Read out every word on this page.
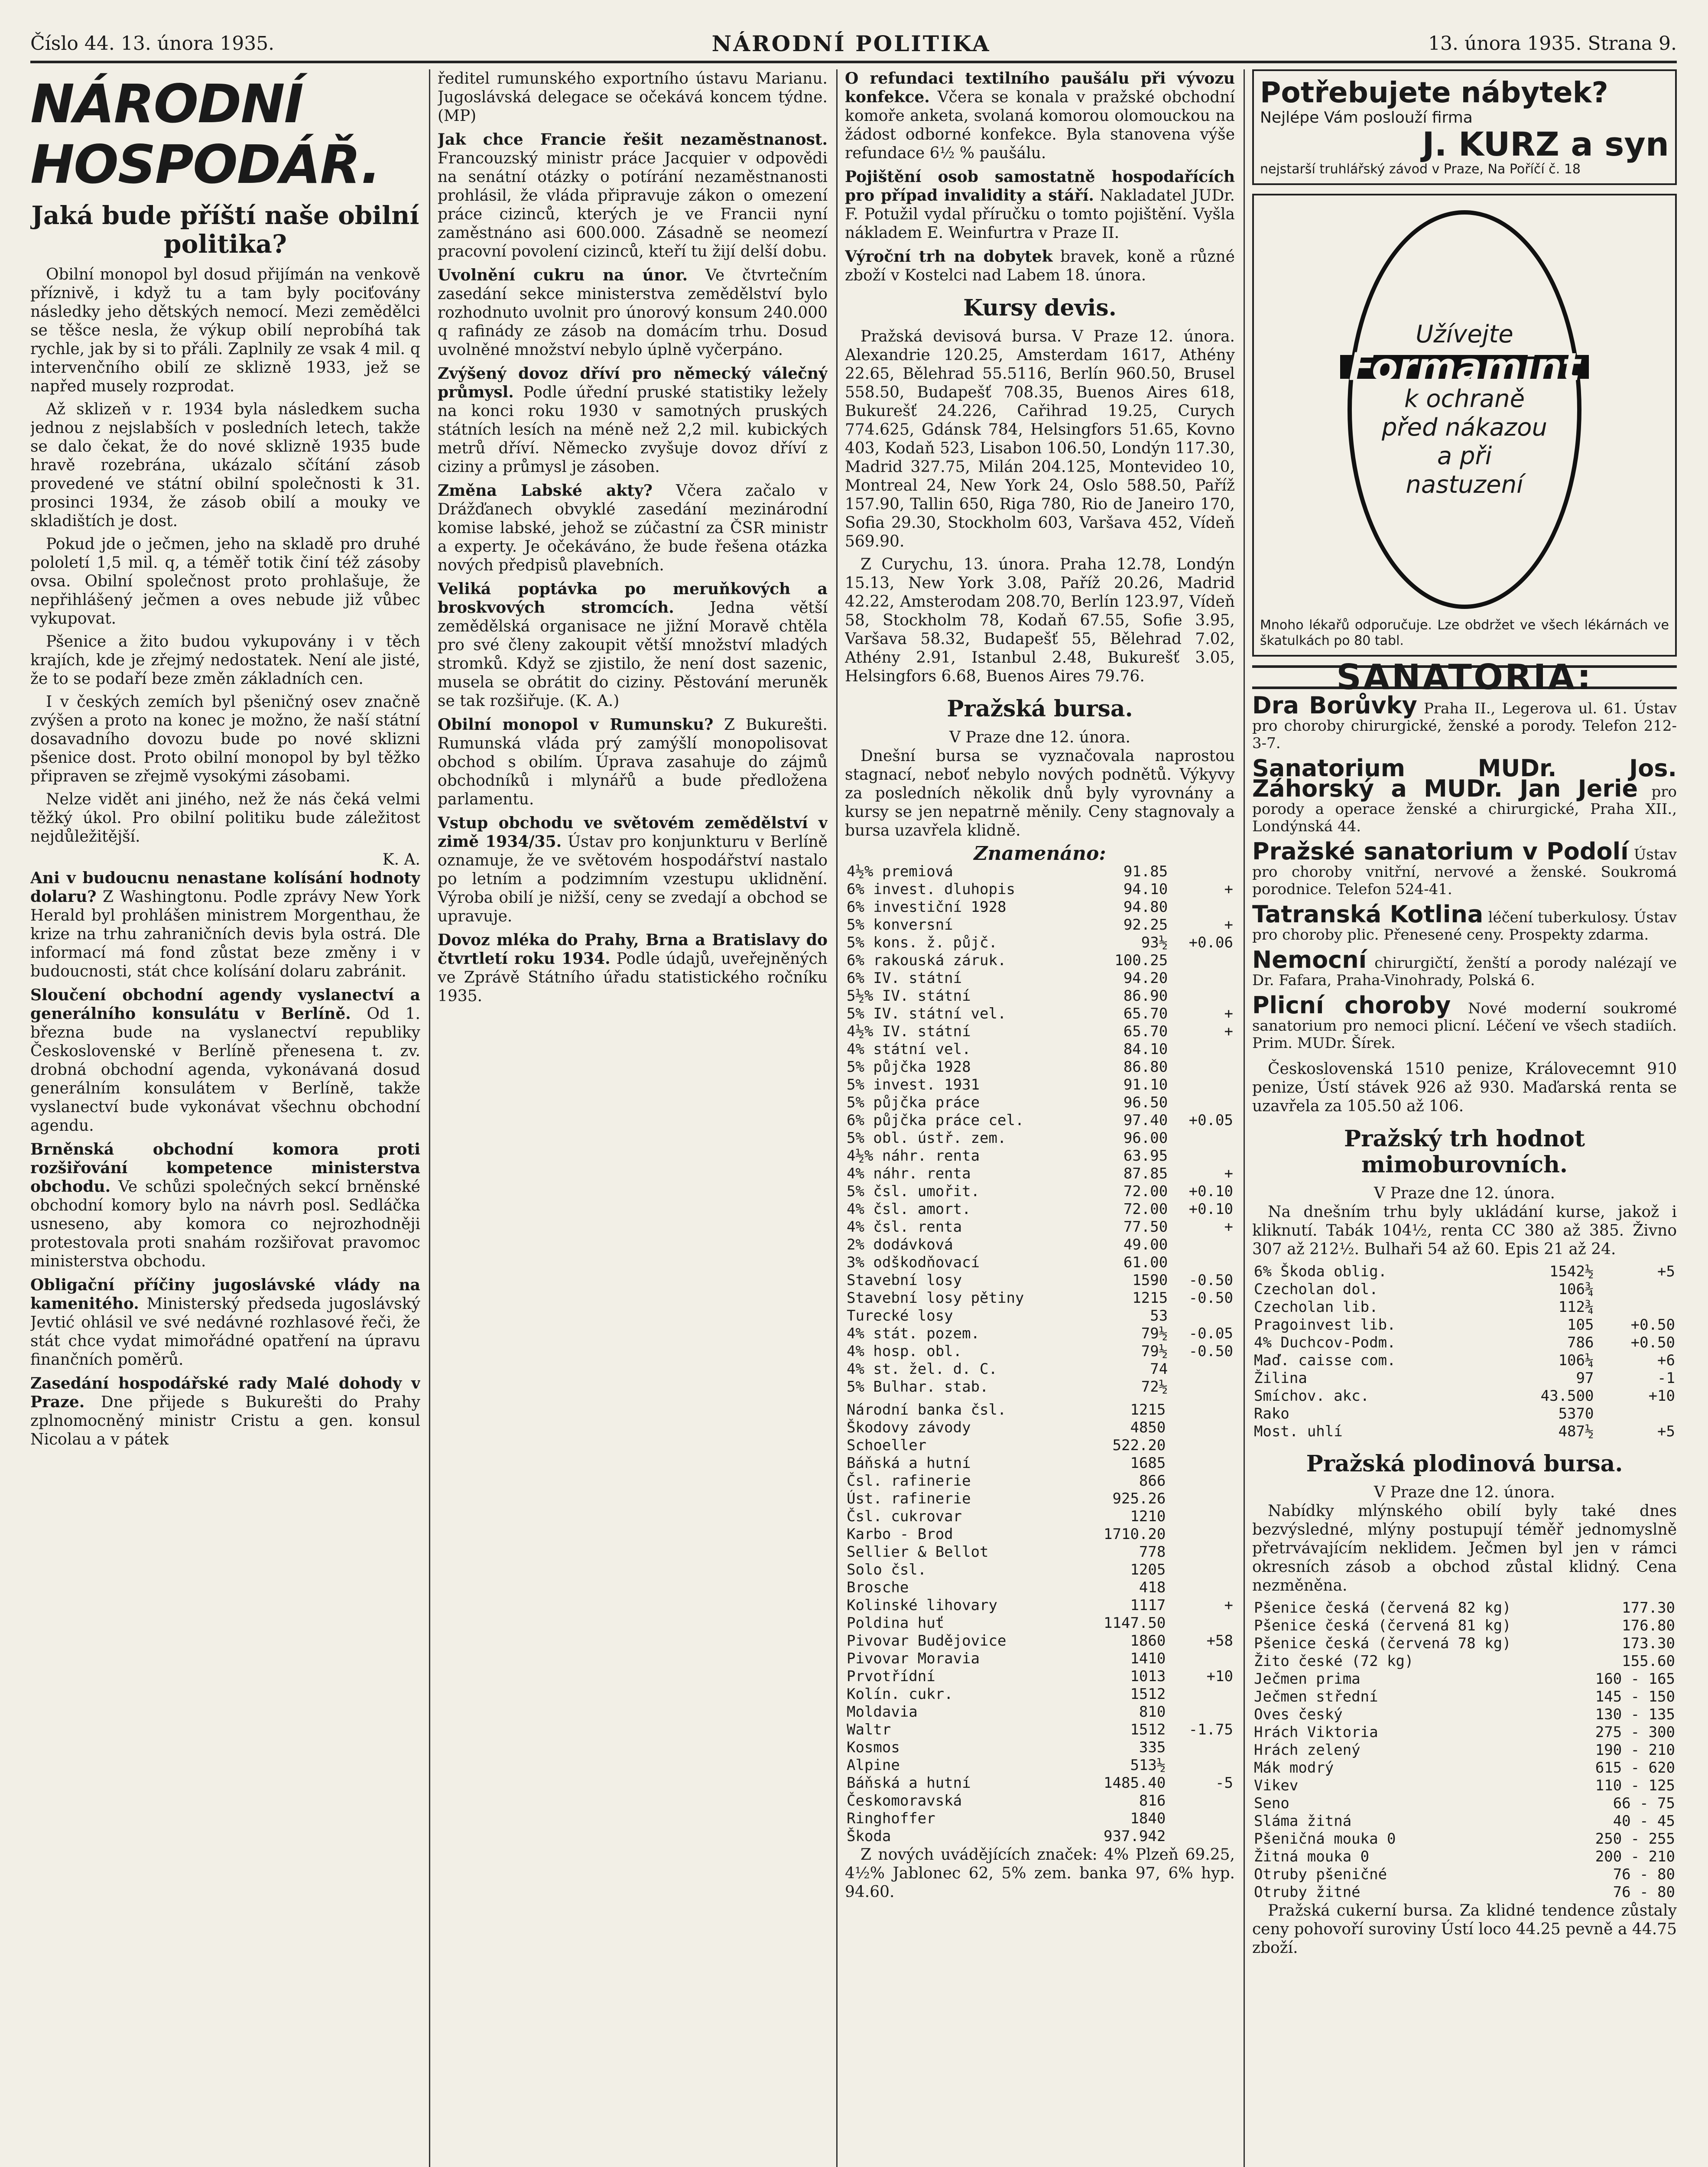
Číslo 44. 13. února 1935.	NÁRODNÍ POLITIKA	13. února 1935. Strana 9.
NÁRODNÍ HOSPODÁŘ.
Jaká bude příští naše obilní politika?

Obilní monopol byl dosud přijímán na venkově příznivě, i když tu a tam byly pociťovány následky jeho dětských nemocí. Mezi zemědělci se těšce nesla, že výkup obilí neprobíhá tak rychle, jak by si to přáli. Zaplnily ze vsak 4 mil. q intervenčního obilí ze sklizně 1933, jež se napřed musely rozprodat.

Až sklizeň v r. 1934 byla následkem sucha jednou z nejslabších v posledních letech, takže se dalo čekat, že do nové sklizně 1935 bude hravě rozebrána, ukázalo sčítání zásob provedené ve státní obilní společnosti k 31. prosinci 1934, že zásob obilí a mouky ve skladištích je dost.

Pokud jde o ječmen, jeho na skladě pro druhé pololetí 1,5 mil. q, a téměř totik činí též zásoby ovsa. Obilní společnost proto prohlašuje, že nepřihlášený ječmen a oves nebude již vůbec vykupovat.

Pšenice a žito budou vykupovány i v těch krajích, kde je zřejmý nedostatek. Není ale jisté, že to se podaří beze změn základních cen.

I v českých zemích byl pšeničný osev značně zvýšen a proto na konec je možno, že naší státní dosavadního dovozu bude po nové sklizni pšenice dost. Proto obilní monopol by byl těžko připraven se zřejmě vysokými zásobami.

Nelze vidět ani jiného, než že nás čeká velmi těžký úkol. Pro obilní politiku bude záležitost nejdůležitější.

K. A.
Ani v budoucnu nenastane kolísání hodnoty dolaru? Z Washingtonu. Podle zprávy New York Herald byl prohlášen ministrem Morgenthau, že krize na trhu zahraničních devis byla ostrá. Dle informací má fond zůstat beze změny i v budoucnosti, stát chce kolísání dolaru zabránit.
Sloučení obchodní agendy vyslanectví a generálního konsulátu v Berlíně. Od 1. března bude na vyslanectví republiky Československé v Berlíně přenesena t. zv. drobná obchodní agenda, vykonávaná dosud generálním konsulátem v Berlíně, takže vyslanectví bude vykonávat všechnu obchodní agendu.
Brněnská obchodní komora proti rozšiřování kompetence ministerstva obchodu. Ve schůzi společných sekcí brněnské obchodní komory bylo na návrh posl. Sedláčka usneseno, aby komora co nejrozhodněji protestovala proti snahám rozšiřovat pravomoc ministerstva obchodu.
Obligační příčiny jugoslávské vlády na kamenitého. Ministerský předseda jugoslávský Jevtić ohlásil ve své nedávné rozhlasové řeči, že stát chce vydat mimořádné opatření na úpravu finančních poměrů.
Zasedání hospodářské rady Malé dohody v Praze. Dne přijede s Bukurešti do Prahy zplnomocněný ministr Cristu a gen. konsul Nicolau a v pátek
ředitel rumunského exportního ústavu Marianu. Jugoslávská delegace se očekává koncem týdne. (MP)
Jak chce Francie řešit nezaměstnanost. Francouzský ministr práce Jacquier v odpovědi na senátní otázky o potírání nezaměstnanosti prohlásil, že vláda připravuje zákon o omezení práce cizinců, kterých je ve Francii nyní zaměstnáno asi 600.000. Zásadně se neomezí pracovní povolení cizinců, kteří tu žijí delší dobu.
Uvolnění cukru na únor. Ve čtvrtečním zasedání sekce ministerstva zemědělství bylo rozhodnuto uvolnit pro únorový konsum 240.000 q rafinády ze zásob na domácím trhu. Dosud uvolněné množství nebylo úplně vyčerpáno.
Zvýšený dovoz dříví pro německý válečný průmysl. Podle úřední pruské statistiky ležely na konci roku 1930 v samotných pruských státních lesích na méně než 2,2 mil. kubických metrů dříví. Německo zvyšuje dovoz dříví z ciziny a průmysl je zásoben.
Změna Labské akty? Včera začalo v Drážďanech obvyklé zasedání mezinárodní komise labské, jehož se zúčastní za ČSR ministr a experty. Je očekáváno, že bude řešena otázka nových předpisů plavebních.
Veliká poptávka po meruňkových a broskvových stromcích. Jedna větší zemědělská organisace ne jižní Moravě chtěla pro své členy zakoupit větší množství mladých stromků. Když se zjistilo, že není dost sazenic, musela se obrátit do ciziny. Pěstování meruněk se tak rozšiřuje. (K. A.)
Obilní monopol v Rumunsku? Z Bukurešti. Rumunská vláda prý zamýšlí monopolisovat obchod s obilím. Úprava zasahuje do zájmů obchodníků i mlynářů a bude předložena parlamentu.
Vstup obchodu ve světovém zemědělství v zimě 1934/35. Ústav pro konjunkturu v Berlíně oznamuje, že ve světovém hospodářství nastalo po letním a podzimním vzestupu uklidnění. Výroba obilí je nižší, ceny se zvedají a obchod se upravuje.
Dovoz mléka do Prahy, Brna a Bratislavy do čtvrtletí roku 1934. Podle údajů, uveřejněných ve Zprávě Státního úřadu statistického ročníku 1935.
O refundaci textilního paušálu při vývozu konfekce. Včera se konala v pražské obchodní komoře anketa, svolaná komorou olomouckou na žádost odborné konfekce. Byla stanovena výše refundace 6½ % paušálu.
Pojištění osob samostatně hospodařících pro případ invalidity a stáří. Nakladatel JUDr. F. Potužil vydal příručku o tomto pojištění. Vyšla nákladem E. Weinfurtra v Praze II.
Výroční trh na dobytek bravek, koně a různé zboží v Kostelci nad Labem 18. února.
Kursy devis.

Pražská devisová bursa. V Praze 12. února. Alexandrie 120.25, Amsterdam 1617, Athény 22.65, Bělehrad 55.5116, Berlín 960.50, Brusel 558.50, Budapešť 708.35, Buenos Aires 618, Bukurešť 24.226, Cařihrad 19.25, Curych 774.625, Gdánsk 784, Helsingfors 51.65, Kovno 403, Kodaň 523, Lisabon 106.50, Londýn 117.30, Madrid 327.75, Milán 204.125, Montevideo 10, Montreal 24, New York 24, Oslo 588.50, Paříž 157.90, Tallin 650, Riga 780, Rio de Janeiro 170, Sofia 29.30, Stockholm 603, Varšava 452, Vídeň 569.90.

Z Curychu, 13. února. Praha 12.78, Londýn 15.13, New York 3.08, Paříž 20.26, Madrid 42.22, Amsterodam 208.70, Berlín 123.97, Vídeň 58, Stockholm 78, Kodaň 67.55, Sofie 3.95, Varšava 58.32, Budapešť 55, Bělehrad 7.02, Athény 2.91, Istanbul 2.48, Bukurešť 3.05, Helsingfors 6.68, Buenos Aires 79.76.

Pražská bursa.
V Praze dne 12. února.

Dnešní bursa se vyznačovala naprostou stagnací, neboť nebylo nových podnětů. Výkyvy za posledních několik dnů byly vyrovnány a kursy se jen nepatrně měnily. Ceny stagnovaly a bursa uzavřela klidně.

Znamenáno:
4½% premiová	91.85	
6% invest. dluhopis	94.10	+
6% investiční 1928	94.80	
5% konversní	92.25	+
5% kons. ž. půjč.	93½	+0.06
6% rakouská záruk.	100.25	
6% IV. státní	94.20	
5½% IV. státní	86.90	
5% IV. státní vel.	65.70	+
4½% IV. státní	65.70	+
4% státní vel.	84.10	
5% půjčka 1928	86.80	
5% invest. 1931	91.10	
5% půjčka práce	96.50	
6% půjčka práce cel.	97.40	+0.05
5% obl. ústř. zem.	96.00	
4½% náhr. renta	63.95	
4% náhr. renta	87.85	+
5% čsl. umořit.	72.00	+0.10
4% čsl. amort.	72.00	+0.10
4% čsl. renta	77.50	+
2% dodávková	49.00	
3% odškodňovací	61.00	
Stavební losy	1590	-0.50
Stavební losy pětiny	1215	-0.50
Turecké losy	53	
4% stát. pozem.	79½	-0.05
4% hosp. obl.	79½	-0.50
4% st. žel. d. C.	74	
5% Bulhar. stab.	72½	
Národní banka čsl.	1215	
Škodovy závody	4850	
Schoeller	522.20	
Báňská a hutní	1685	
Čsl. rafinerie	866	
Úst. rafinerie	925.26	
Čsl. cukrovar	1210	
Karbo - Brod	1710.20	
Sellier & Bellot	778	
Solo čsl.	1205	
Brosche	418	
Kolinské lihovary	1117	+
Poldina huť	1147.50	
Pivovar Budějovice	1860	+58
Pivovar Moravia	1410	
Prvotřídní	1013	+10
Kolín. cukr.	1512	
Moldavia	810	
Waltr	1512	-1.75
Kosmos	335	
Alpine	513½	
Báňská a hutní	1485.40	-5
Českomoravská	816	
Ringhoffer	1840	
Škoda	937.942	

Z nových uvádějících značek: 4% Plzeň 69.25, 4½% Jablonec 62, 5% zem. banka 97, 6% hyp. 94.60.

Potřebujete nábytek?
Nejlépe Vám poslouží firma
J. KURZ a syn
nejstarší truhlářský závod v Praze, Na Poříčí č. 18
Užívejte
Formamint
k ochraně
před nákazou
a při
nastuzení
Mnoho lékařů odporučuje. Lze obdržet ve všech lékárnách ve škatulkách po 80 tabl.
SANATORIA:
Dra Borůvky Praha II., Legerova ul. 61. Ústav pro choroby chirurgické, ženské a porody. Telefon 212-3-7.
Sanatorium MUDr. Jos. Záhorský a MUDr. Jan Jerie pro porody a operace ženské a chirurgické, Praha XII., Londýnská 44.
Pražské sanatorium v Podolí Ústav pro choroby vnitřní, nervové a ženské. Soukromá porodnice. Telefon 524-41.
Tatranská Kotlina léčení tuberkulosy. Ústav pro choroby plic. Přenesené ceny. Prospekty zdarma.
Nemocní chirurgičtí, ženští a porody nalézají ve Dr. Fafara, Praha-Vinohrady, Polská 6.
Plicní choroby Nové moderní soukromé sanatorium pro nemoci plicní. Léčení ve všech stadiích. Prim. MUDr. Šírek.

Československá 1510 penize, Královecemnt 910 penize, Ústí stávek 926 až 930. Maďarská renta se uzavřela za 105.50 až 106.

Pražský trh hodnot mimoburovních.
V Praze dne 12. února.

Na dnešním trhu byly ukládání kurse, jakož i kliknutí. Tabák 104½, renta CC 380 až 385. Živno 307 až 212½. Bulhaři 54 až 60. Epis 21 až 24.

6% Škoda oblig.	1542½	+5
Czecholan dol.	106¾	
Czecholan lib.	112¾	
Pragoinvest lib.	105	+0.50
4% Duchcov-Podm.	786	+0.50
Maď. caisse com.	106¼	+6
Žilina	97	-1
Smíchov. akc.	43.500	+10
Rako	5370	
Most. uhlí	487½	+5
Pražská plodinová bursa.
V Praze dne 12. února.

Nabídky mlýnského obilí byly také dnes bezvýsledné, mlýny postupují téměř jednomyslně přetrvávajícím neklidem. Ječmen byl jen v rámci okresních zásob a obchod zůstal klidný. Cena nezměněna.

Pšenice česká (červená 82 kg)	177.30
Pšenice česká (červená 81 kg)	176.80
Pšenice česká (červená 78 kg)	173.30
Žito české (72 kg)	155.60
Ječmen prima	160 - 165
Ječmen střední	145 - 150
Oves český	130 - 135
Hrách Viktoria	275 - 300
Hrách zelený	190 - 210
Mák modrý	615 - 620
Vikev	110 - 125
Seno	66 - 75
Sláma žitná	40 - 45
Pšeničná mouka 0	250 - 255
Žitná mouka 0	200 - 210
Otruby pšeničné	76 - 80
Otruby žitné	76 - 80

Pražská cukerní bursa. Za klidné tendence zůstaly ceny pohovoří suroviny Ústí loco 44.25 pevně a 44.75 zboží.
